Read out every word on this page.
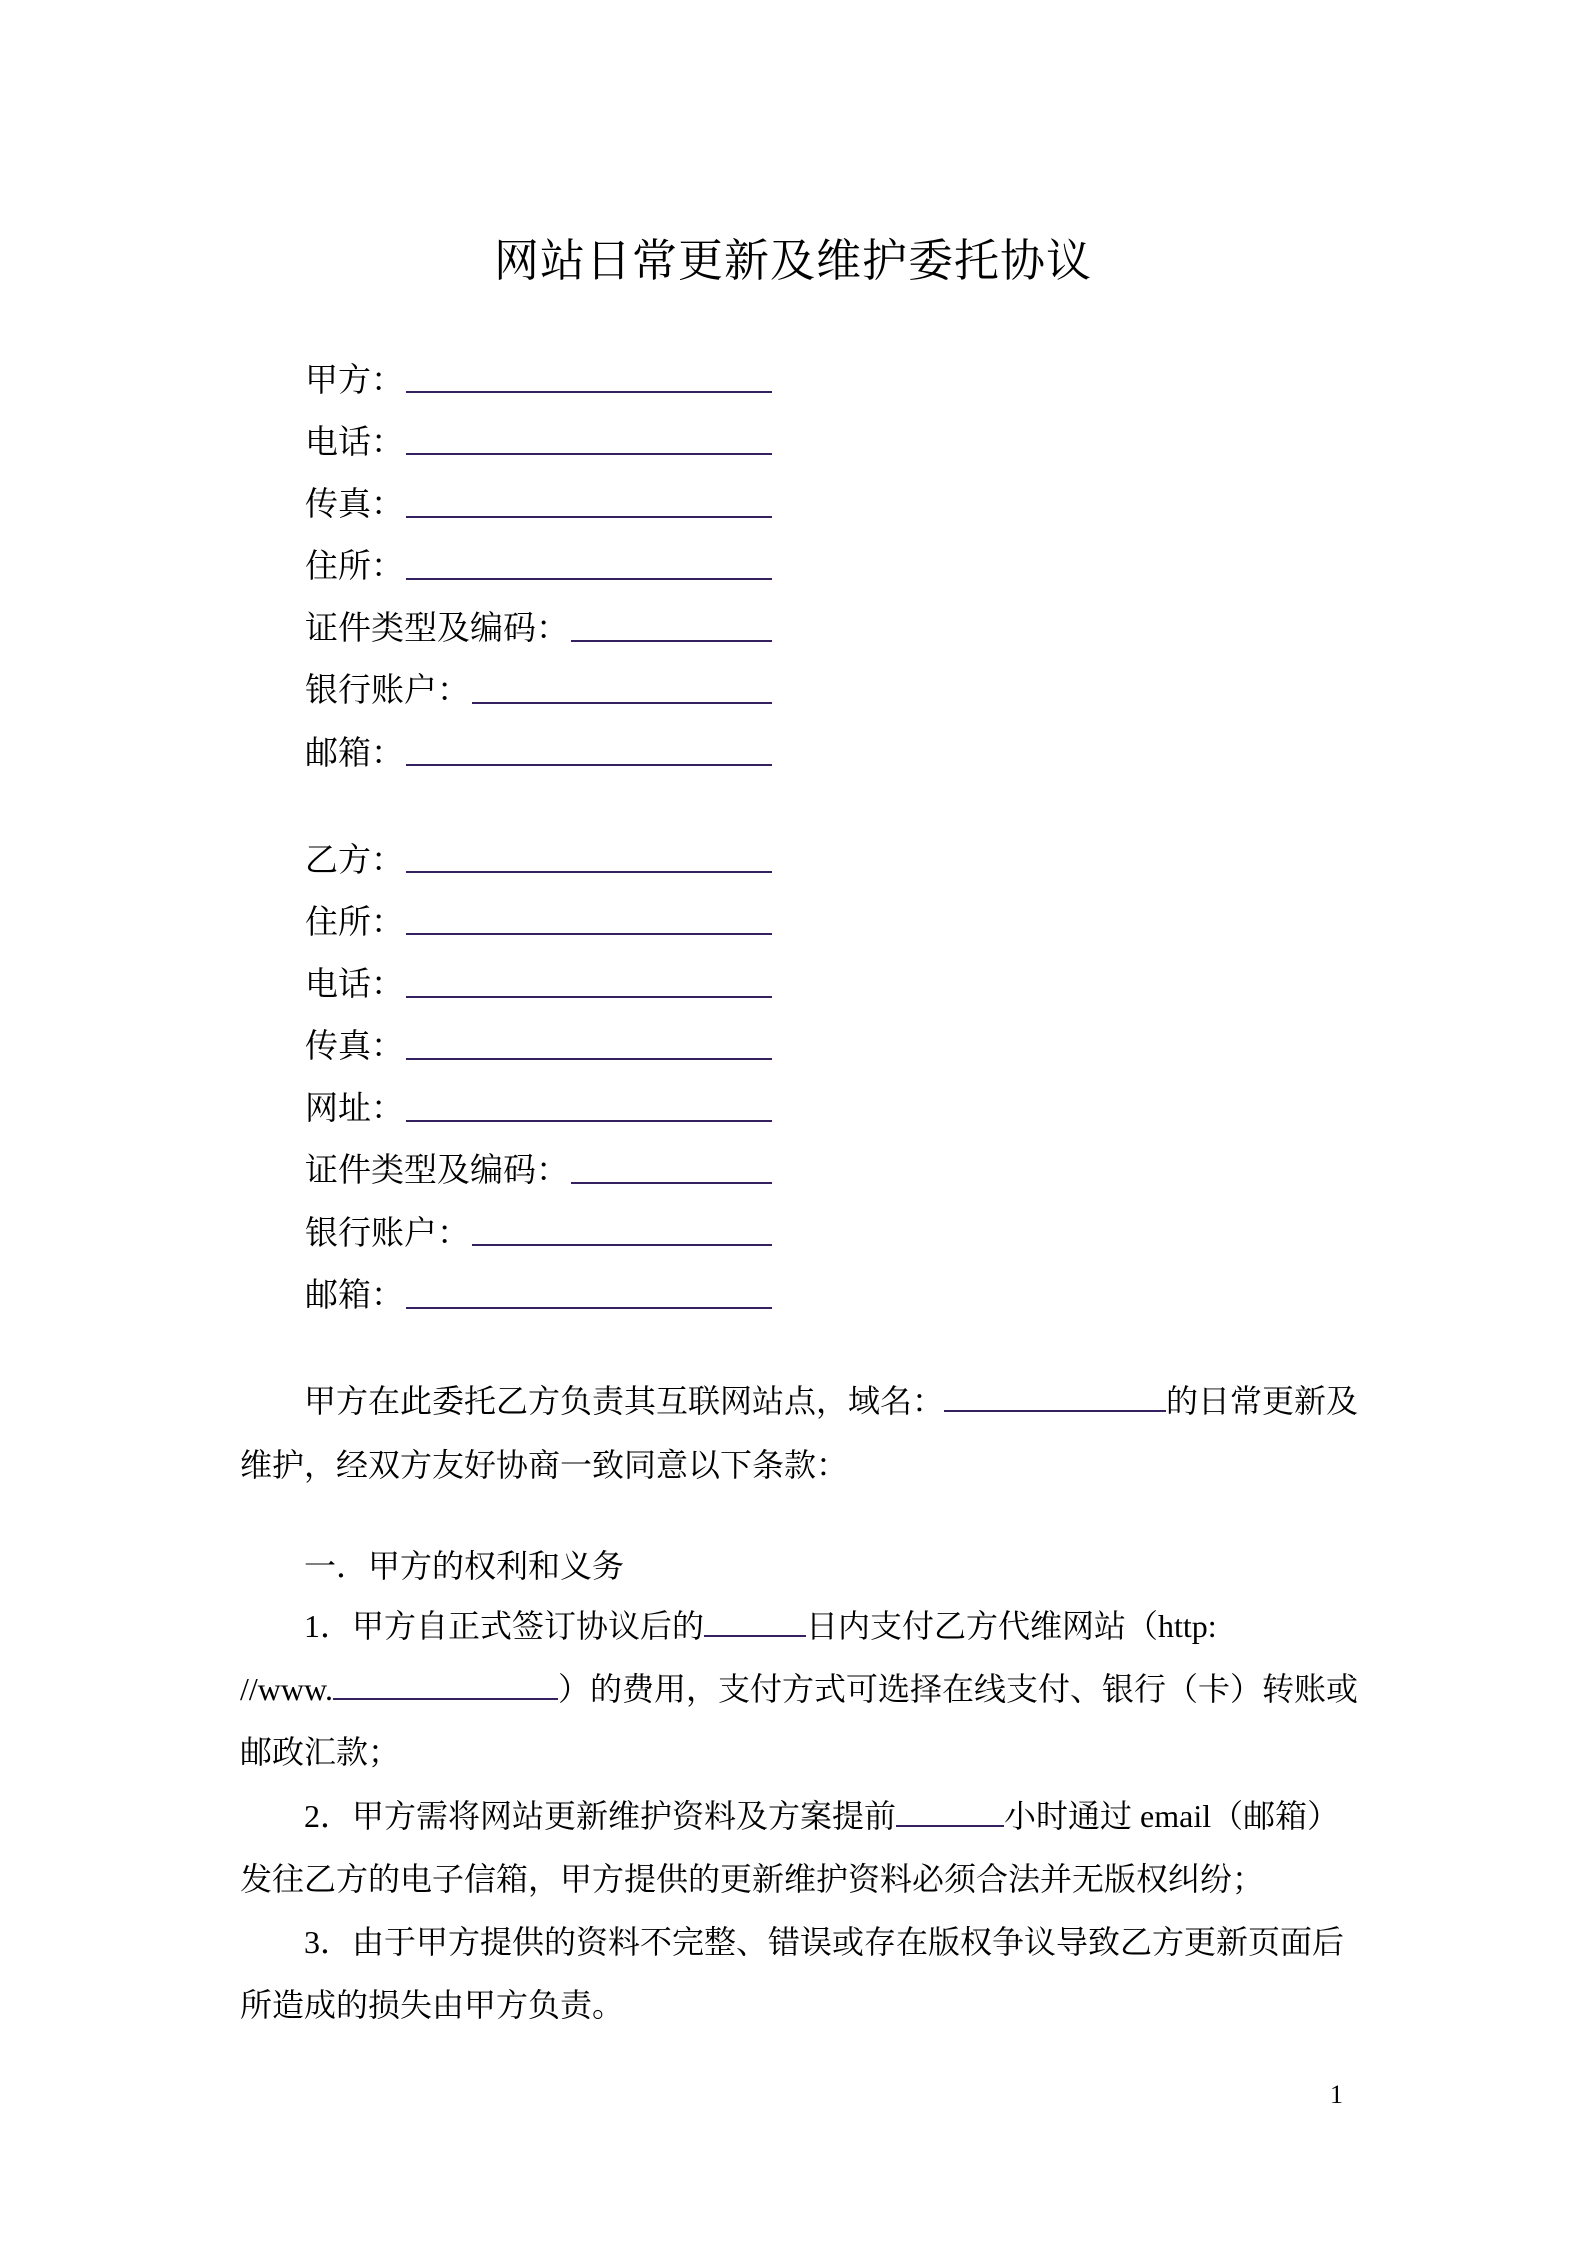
网站日常更新及维护委托协议
甲方：
电话：
传真：
住所：
证件类型及编码：
银行账户：
邮箱：
乙方：
住所：
电话：
传真：
网址：
证件类型及编码：
银行账户：
邮箱：
甲方在此委托乙方负责其互联网站点，域名：	的日常更新及
维护，经双方友好协商一致同意以下条款：
一．甲方的权利和义务
1．甲方自正式签订协议后的	日内支付乙方代维网站（http:
//www.	）的费用，支付方式可选择在线支付、银行（卡）转账或
邮政汇款；
2．甲方需将网站更新维护资料及方案提前	小时通过 email（邮箱）
发往乙方的电子信箱，甲方提供的更新维护资料必须合法并无版权纠纷；
3．由于甲方提供的资料不完整、错误或存在版权争议导致乙方更新页面后
所造成的损失由甲方负责。
1
